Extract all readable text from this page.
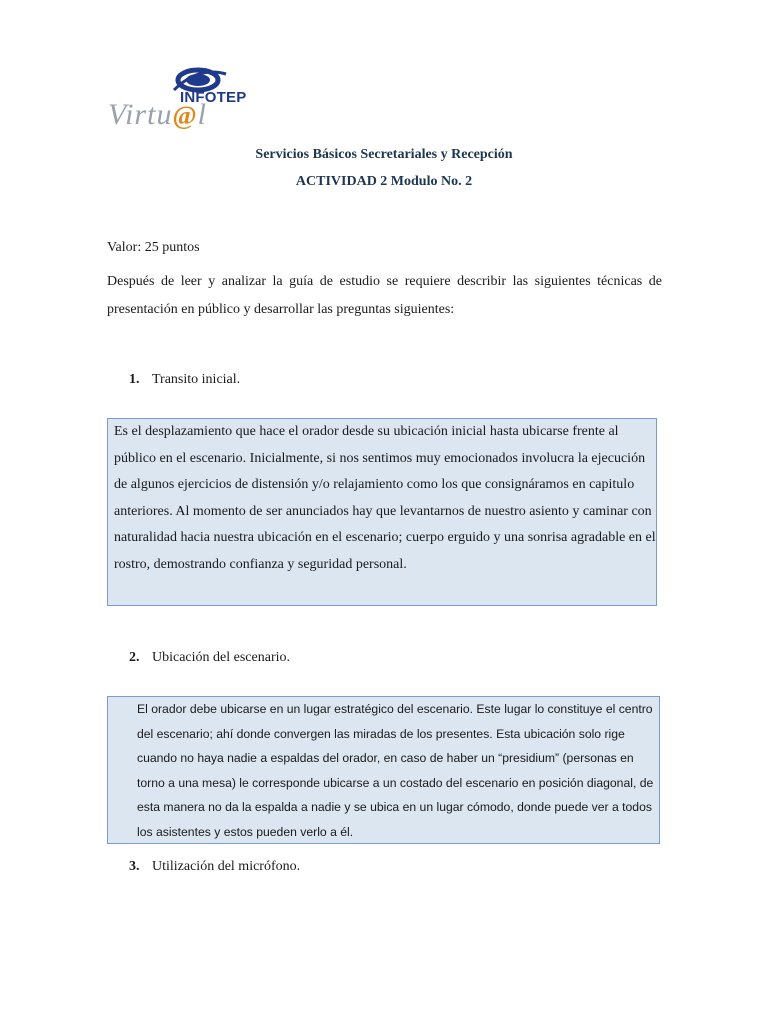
INFOTEP
Virtu@l
Servicios Básicos Secretariales y Recepción
ACTIVIDAD 2 Modulo No. 2
Valor: 25 puntos
Después de leer y analizar la guía de estudio se requiere describir las siguientes técnicas de presentación en público y desarrollar las preguntas siguientes:
1. Transito inicial.

Es el desplazamiento que hace el orador desde su ubicación inicial hasta ubicarse frente al público en el escenario. Inicialmente, si nos sentimos muy emocionados involucra la ejecución de algunos ejercicios de distensión y/o relajamiento como los que consignáramos en capitulo anteriores. Al momento de ser anunciados hay que levantarnos de nuestro asiento y caminar con naturalidad hacia nuestra ubicación en el escenario; cuerpo erguido y una sonrisa agradable en el rostro, demostrando confianza y seguridad personal.

2. Ubicación del escenario.

El orador debe ubicarse en un lugar estratégico del escenario. Este lugar lo constituye el centro del escenario; ahí donde convergen las miradas de los presentes. Esta ubicación solo rige cuando no haya nadie a espaldas del orador, en caso de haber un “presidium” (personas en torno a una mesa) le corresponde ubicarse a un costado del escenario en posición diagonal, de esta manera no da la espalda a nadie y se ubica en un lugar cómodo, donde puede ver a todos los asistentes y estos pueden verlo a él.

3. Utilización del micrófono.
